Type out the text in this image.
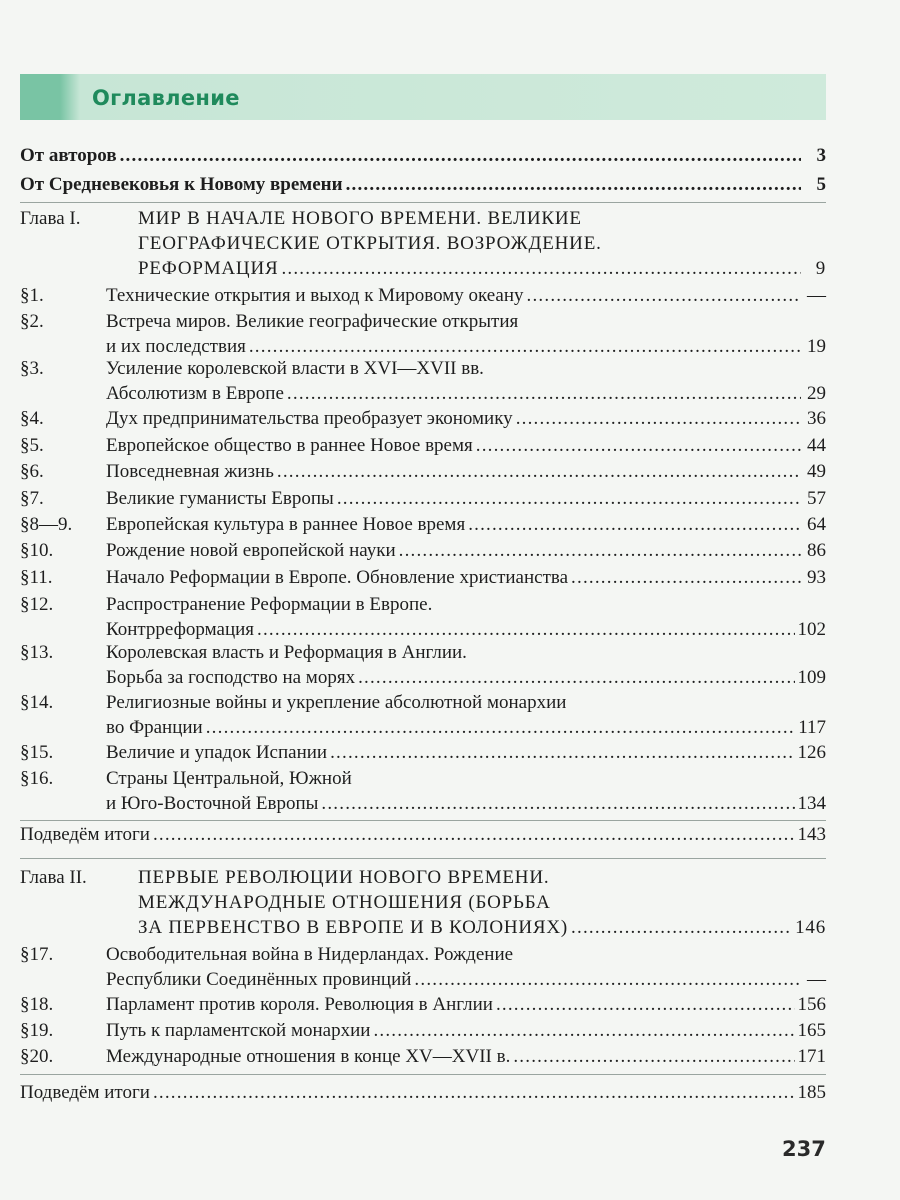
Оглавление
От авторов .....	3
От Средневековья к Новому времени .....	5
Глава I.	МИР В НАЧАЛЕ НОВОГО ВРЕМЕНИ. ВЕЛИКИЕ
ГЕОГРАФИЧЕСКИЕ ОТКРЫТИЯ. ВОЗРОЖДЕНИЕ.
РЕФОРМАЦИЯ .....	9
§1.	Технические открытия и выход к Мировому океану .....	—
§2.	Встреча миров. Великие географические открытия
и их последствия .....	19
§3.	Усиление королевской власти в XVI—XVII вв.
Абсолютизм в Европе .....	29
§4.	Дух предпринимательства преобразует экономику .....	36
§5.	Европейское общество в раннее Новое время .....	44
§6.	Повседневная жизнь .....	49
§7.	Великие гуманисты Европы .....	57
§8—9. Европейская культура в раннее Новое время .....	64
§10.	Рождение новой европейской науки .....	86
§11.	Начало Реформации в Европе. Обновление христианства .....	93
§12.	Распространение Реформации в Европе.
Контрреформация .....	102
§13.	Королевская власть и Реформация в Англии.
Борьба за господство на морях .....	109
§14.	Религиозные войны и укрепление абсолютной монархии
во Франции .....	117
§15.	Величие и упадок Испании .....	126
§16.	Страны Центральной, Южной
и Юго-Восточной Европы .....	134
Подведём итоги .....	143
Глава II.	ПЕРВЫЕ РЕВОЛЮЦИИ НОВОГО ВРЕМЕНИ.
МЕЖДУНАРОДНЫЕ ОТНОШЕНИЯ (БОРЬБА
ЗА ПЕРВЕНСТВО В ЕВРОПЕ И В КОЛОНИЯХ) .....	146
§17.	Освободительная война в Нидерландах. Рождение
Республики Соединённых провинций .....	—
§18.	Парламент против короля. Революция в Англии .....	156
§19.	Путь к парламентской монархии .....	165
§20.	Международные отношения в конце XV—XVII в. .....	171
Подведём итоги .....	185
237
